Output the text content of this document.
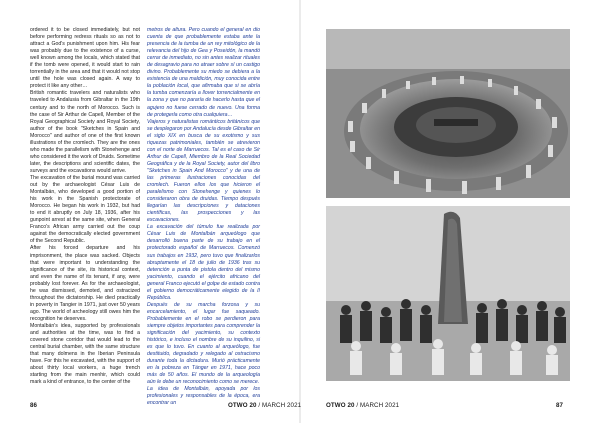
ordered it to be closed immediately, but not before performing redress rituals so as not to attract a God's punishment upon him. His fear was probably due to the existence of a curse, well known among the locals, which stated that if the tomb were opened, it would start to rain torrentially in the area and that it would not stop until the hole was closed again. A way to protect it like any other…

British romantic travelers and naturalists who traveled to Andalusia from Gibraltar in the 19th century and to the north of Morocco. Such is the case of Sir Arthur de Capell, Member of the Royal Geographical Society and Royal Society, author of the book "Sketches in Spain and Morocco" and author of one of the first known illustrations of the cromlech. They are the ones who made the parallelism with Stonehenge and who considered it the work of Druids. Sometime later, the descriptions and scientific dates, the surveys and the excavations would arrive.

The excavation of the burial mound was carried out by the archaeologist César Luis de Montalbán, who developed a good portion of his work in the Spanish protectorate of Morocco. He began his work in 1932, but had to end it abruptly on July 18, 1936, after his gunpoint arrest at the same site, when General Franco's African army carried out the coup against the democratically elected government of the Second Republic.

After his forced departure and his imprisonment, the place was sacked. Objects that were important to understanding the significance of the site, its historical context, and even the name of its tenant, if any, were probably lost forever. As for the archaeologist, he was dismissed, demoted, and ostracized throughout the dictatorship. He died practically in poverty in Tangier in 1971, just over 50 years ago. The world of archeology still owes him the recognition he deserves.

Montalbán's idea, supported by professionals and authorities at the time, was to find a covered stone corridor that would lead to the central burial chamber, with the same structure that many dolmens in the Iberian Peninsula have. For this he excavated, with the support of about thirty local workers, a huge trench starting from the main menhir, which could mark a kind of entrance, to the center of the

metros de altura. Pero cuando el general en dio cuenta de que probablemente estaba ante la presencia de la tumba de un rey mitológico de la relevancia del hijo de Gea y Poseidón, la mandó cerrar de inmediato, no sin antes realizar rituales de desagravio para no atraer sobre sí un castigo divino. Probablemente su miedo se debiera a la existencia de una maldición, muy conocida entre la población local, que afirmaba que si se abría la tumba comenzaría a llover torrencialmente en la zona y que no pararía de hacerlo hasta que el agujero no fuese cerrado de nuevo. Una forma de protegerla como otra cualquiera…

Viajeros y naturalistas románticos británicos que se desplegaron por Andalucía desde Gibraltar en el siglo XIX en busca de su exotismo y sus riquezas patrimoniales, también se atrevieron con el norte de Marruecos. Tal es el caso de Sir Arthur de Capell, Miembro de la Real Sociedad Geográfica y de la Royal Society, autor del libro "Sketches in Spain And Morocco" y de una de las primeras ilustraciones conocidas del cromlech. Fueron ellos los que hicieron el paralelismo con Stonehenge y quienes lo consideraron obra de druidas. Tiempo después llegarían las descripciones y dataciones científicas, las prospecciones y las excavaciones.

La excavación del túmulo fue realizada por César Luis de Montalbán arqueólogo que desarrolló buena parte de su trabajo en el protectorado español de Marruecos. Comenzó sus trabajos en 1932, pero tuvo que finalizarlos abruptamente el 18 de julio de 1936 tras su detención a punta de pistola dentro del mismo yacimiento, cuando el ejército africano del general Franco ejecutó el golpe de estado contra el gobierno democráticamente elegido de la II República.

Después de su marcha forzosa y su encarcelamiento, el lugar fue saqueado. Probablemente en el robo se perdieron para siempre objetos importantes para comprender la significación del yacimiento, su contexto histórico, e incluso el nombre de su inquilino, si es que lo tuvo. En cuanto al arqueólogo, fue destituido, degradado y relegado al ostracismo durante toda la dictadura. Murió prácticamente en la pobreza en Tánger en 1971, hace poco más de 50 años. El mundo de la arqueología aún le debe un reconocimiento como se merece.

La idea de Montalbán, apoyada por los profesionales y responsables de la época, era encontrar un

86	OTWO 20 / MARCH 2021	OTWO 20 / MARCH 2021	87
